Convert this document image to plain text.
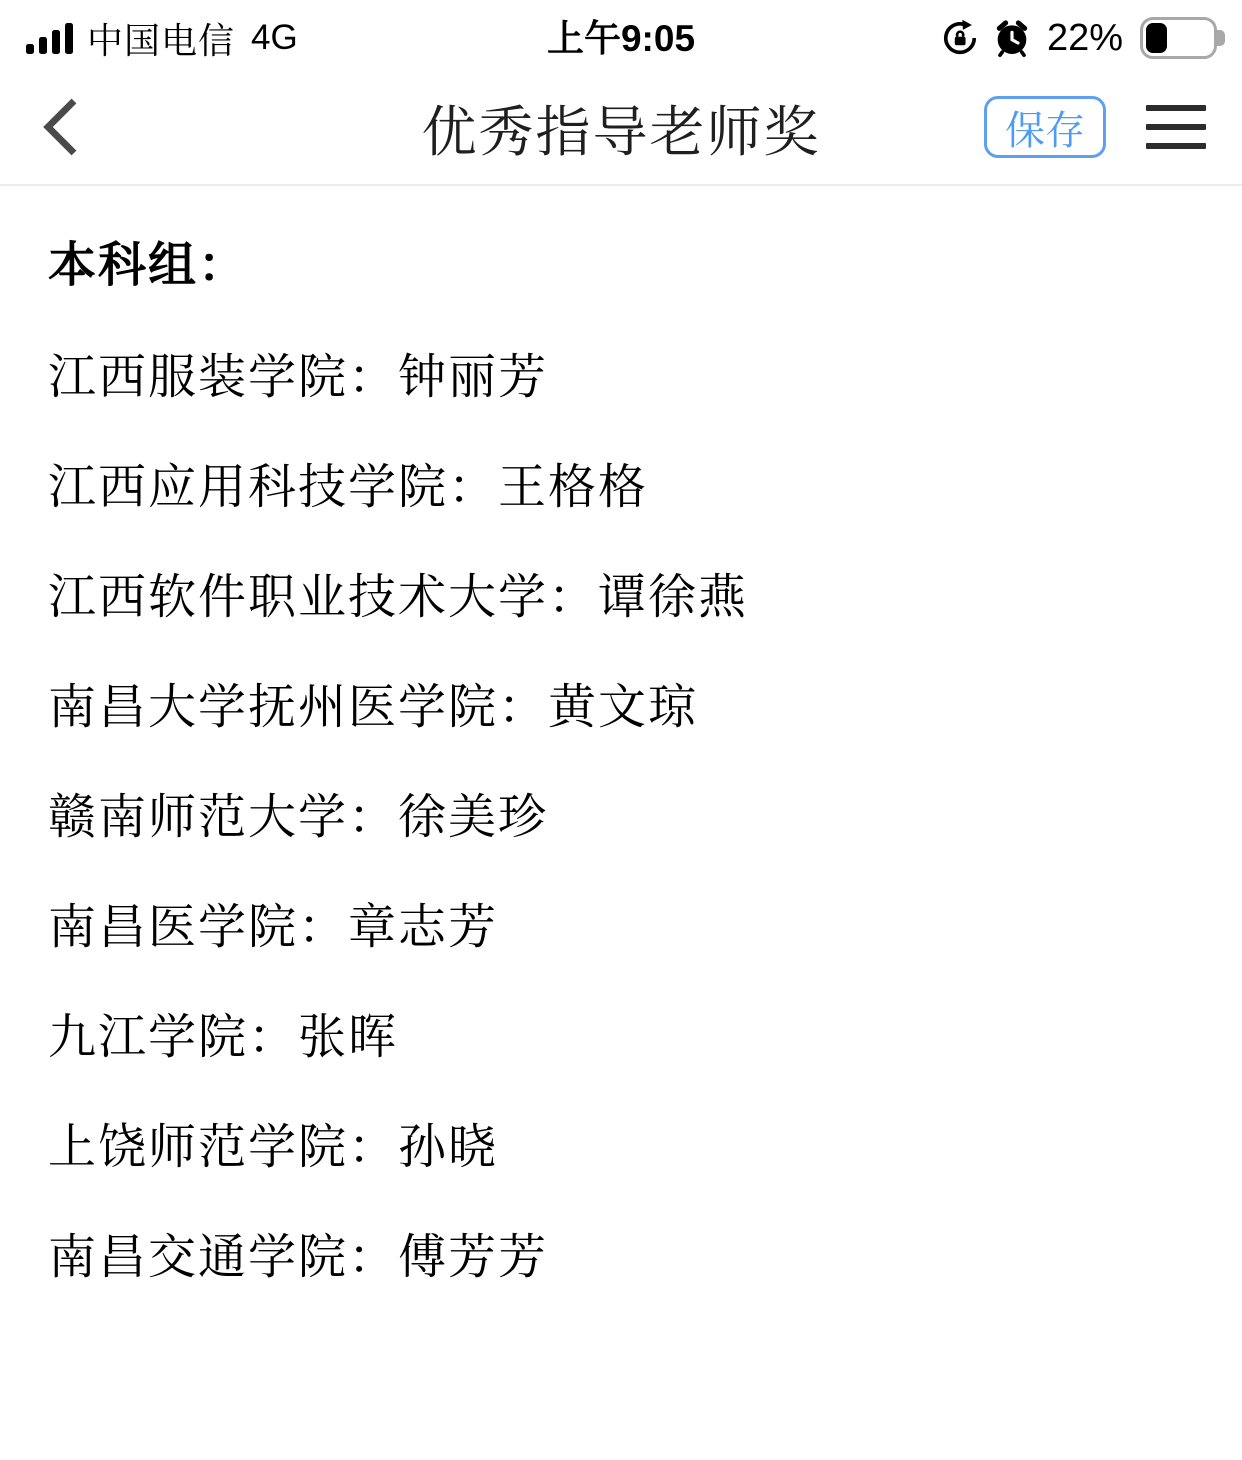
中国电信 4G	上午9:05	22%
优秀指导老师奖	保存
本科组：
江西服装学院：钟丽芳
江西应用科技学院：王格格
江西软件职业技术大学：谭徐燕
南昌大学抚州医学院：黄文琼
赣南师范大学：徐美珍
南昌医学院：章志芳
九江学院：张晖
上饶师范学院：孙晓
南昌交通学院：傅芳芳
